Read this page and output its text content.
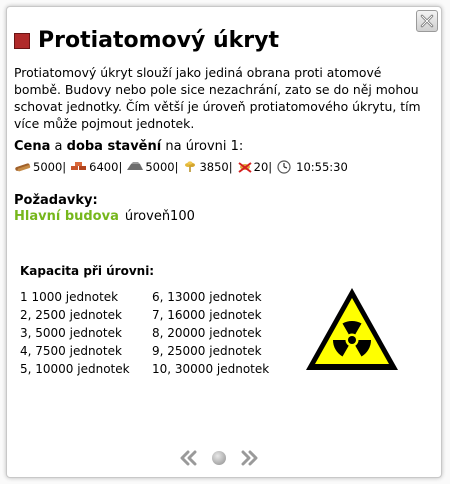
Protiatomový úkryt
Protiatomový úkryt slouží jako jediná obrana proti atomové bombě. Budovy nebo pole sice nezachrání, zato se do něj mohou schovat jednotky. Čím větší je úroveň protiatomového úkrytu, tím více může pojmout jednotek.
Cena a doba stavění na úrovni 1:
5000 | 6400 | 5000 | 3850 | 20 | 10:55:30
Požadavky:
Hlavní budova úroveň100
Kapacita při úrovni:
1 1000 jednotek	6, 13000 jednotek
2, 2500 jednotek	7, 16000 jednotek
3, 5000 jednotek	8, 20000 jednotek
4, 7500 jednotek	9, 25000 jednotek
5, 10000 jednotek	10, 30000 jednotek
